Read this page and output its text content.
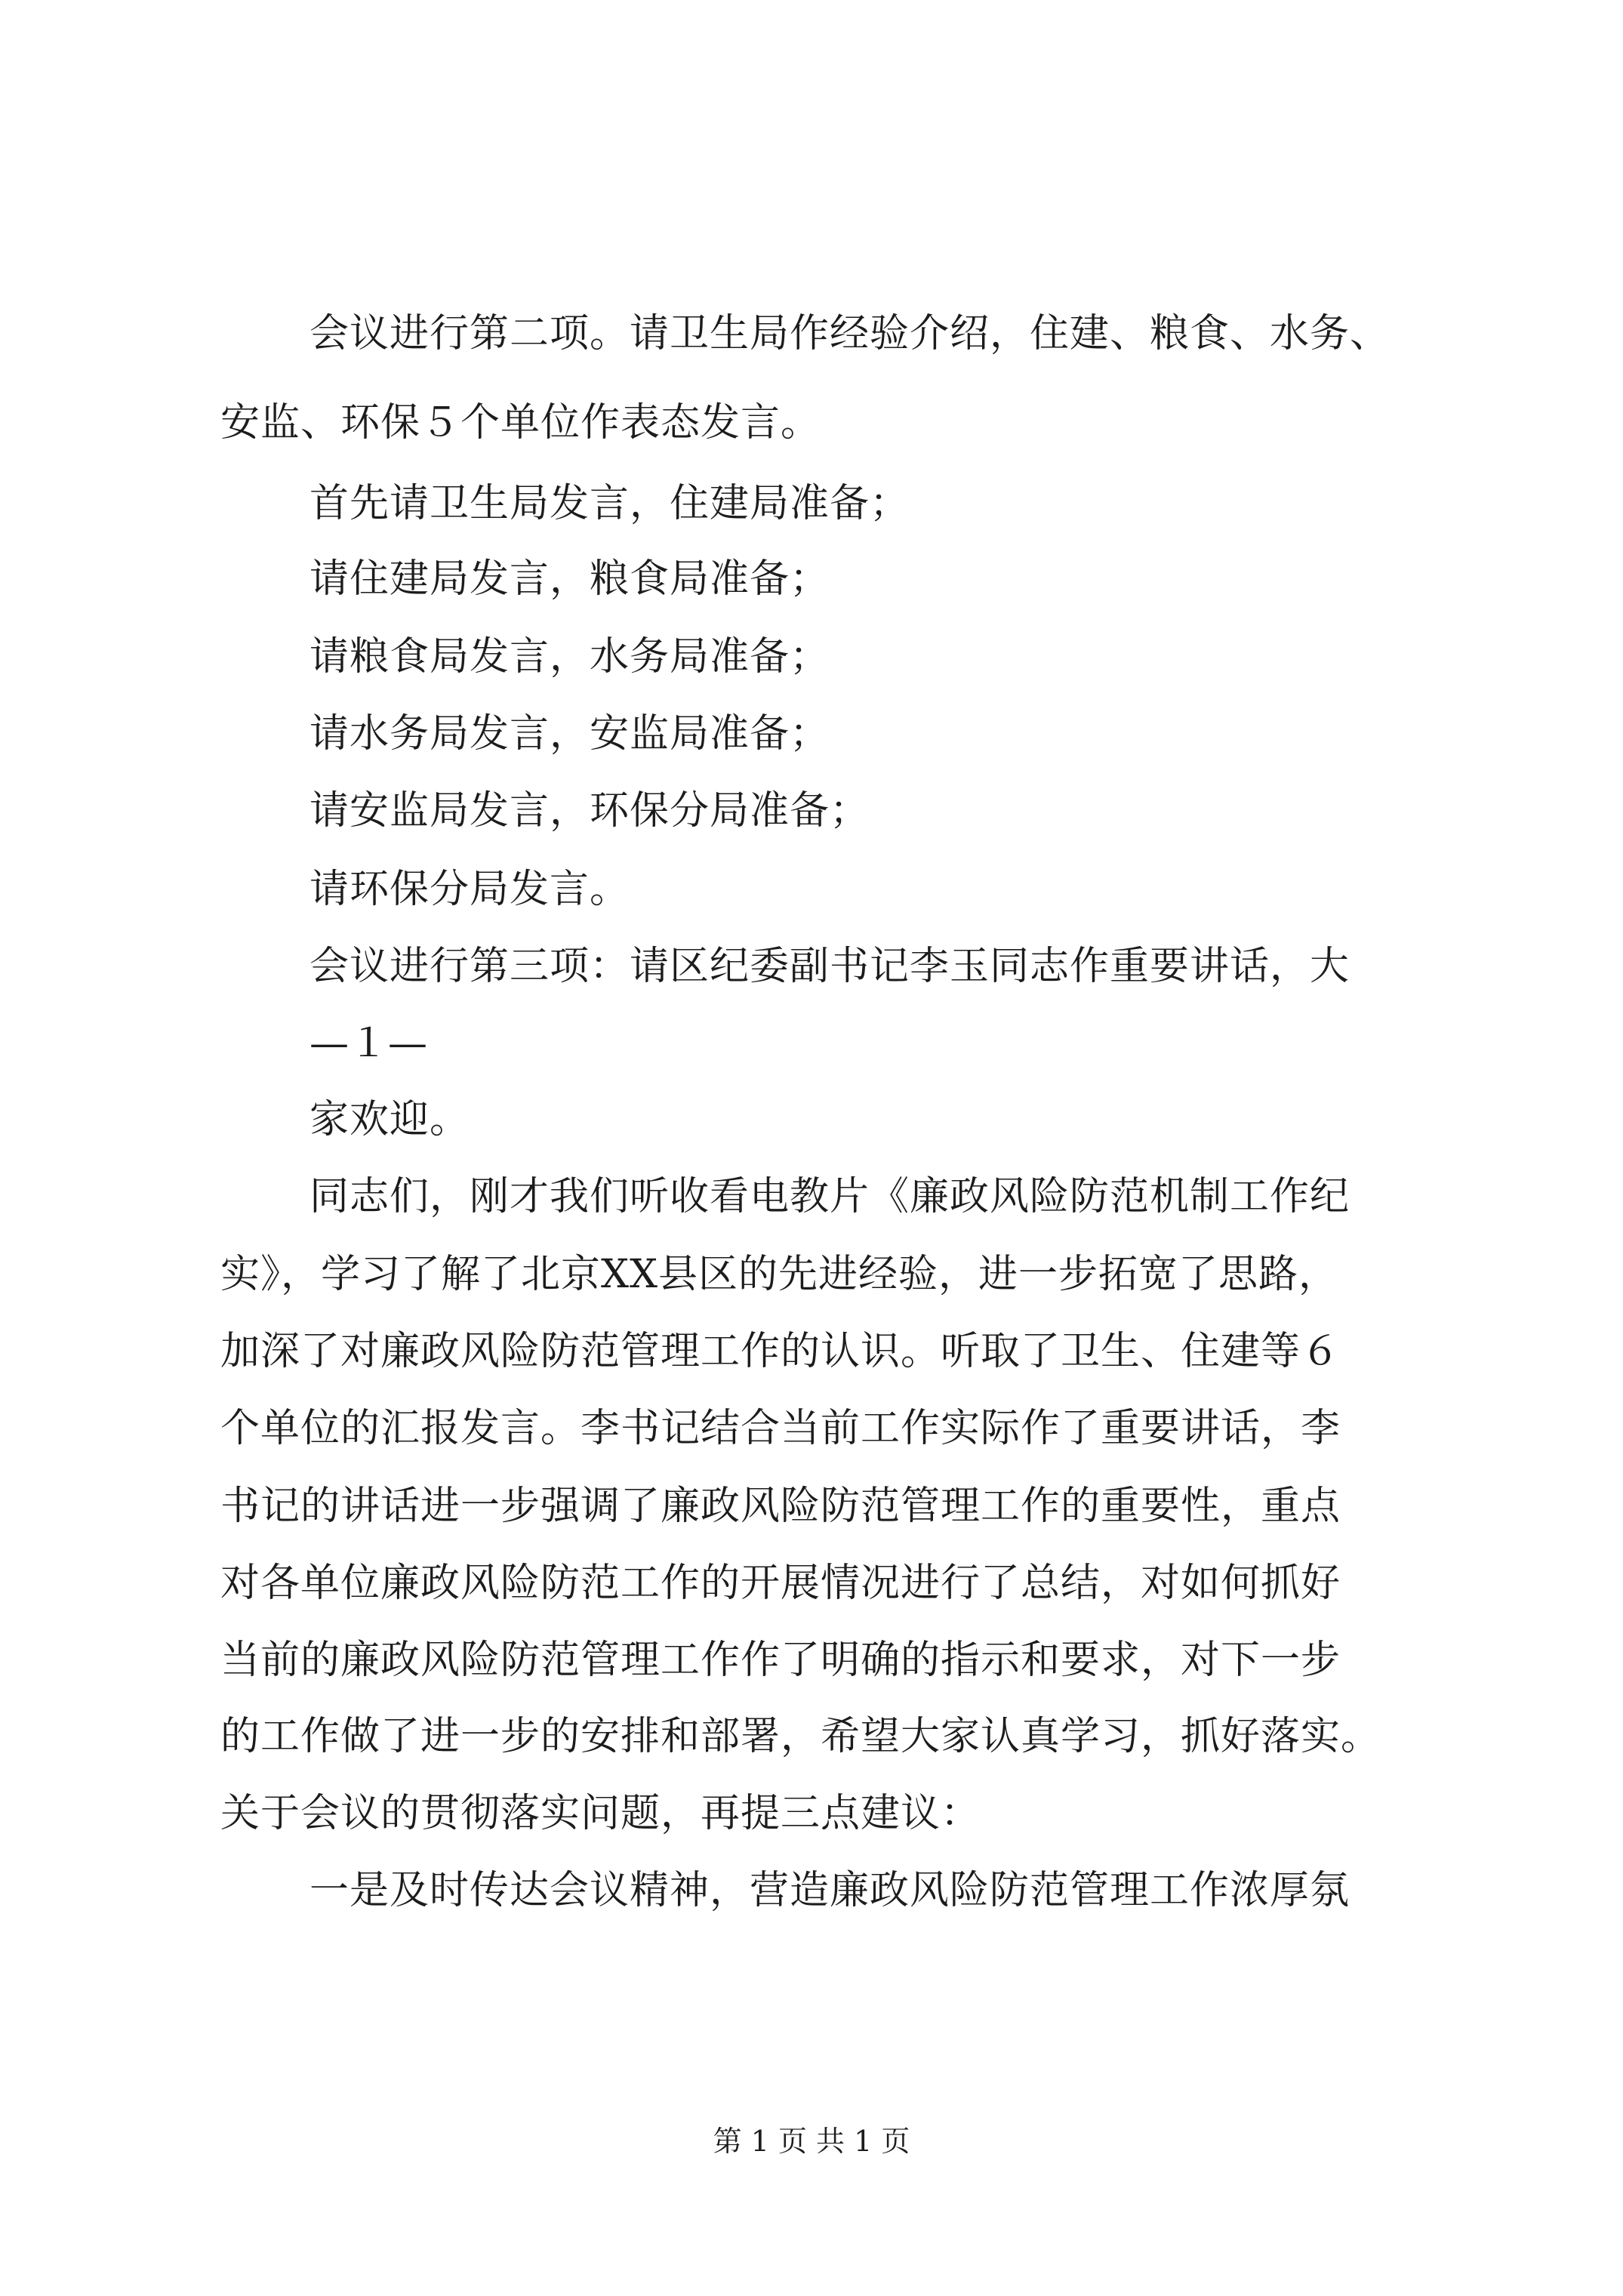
会议进行第二项。请卫生局作经验介绍，住建、粮食、水务、
安监、环保５个单位作表态发言。
首先请卫生局发言，住建局准备；
请住建局发言，粮食局准备；
请粮食局发言，水务局准备；
请水务局发言，安监局准备；
请安监局发言，环保分局准备；
请环保分局发言。
会议进行第三项：请区纪委副书记李玉同志作重要讲话，大
—１—
家欢迎。
同志们，刚才我们听收看电教片《廉政风险防范机制工作纪
实》，学习了解了北京XX县区的先进经验，进一步拓宽了思路，
加深了对廉政风险防范管理工作的认识。听取了卫生、住建等６
个单位的汇报发言。李书记结合当前工作实际作了重要讲话，李
书记的讲话进一步强调了廉政风险防范管理工作的重要性，重点
对各单位廉政风险防范工作的开展情况进行了总结，对如何抓好
当前的廉政风险防范管理工作作了明确的指示和要求，对下一步
的工作做了进一步的安排和部署，希望大家认真学习，抓好落实。
关于会议的贯彻落实问题，再提三点建议：
一是及时传达会议精神，营造廉政风险防范管理工作浓厚氛
第 1 页 共 1 页
